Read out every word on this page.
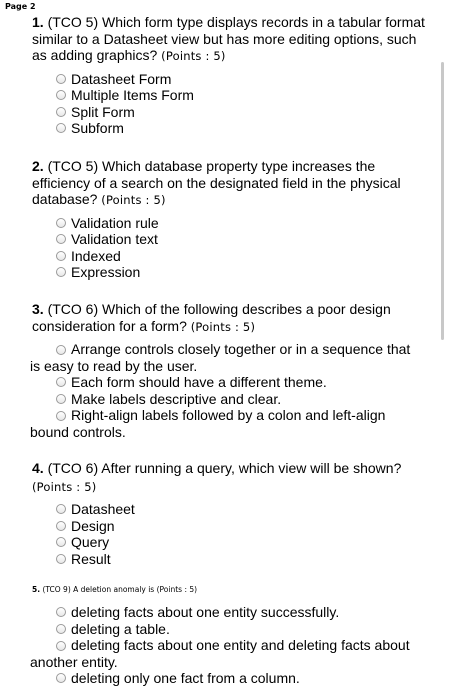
Page 2

1. (TCO 5) Which form type displays records in a tabular format similar to a Datasheet view but has more editing options, such as adding graphics? (Points : 5)

Datasheet Form
Multiple Items Form
Split Form
Subform

2. (TCO 5) Which database property type increases the efficiency of a search on the designated field in the physical database? (Points : 5)

Validation rule
Validation text
Indexed
Expression

3. (TCO 6) Which of the following describes a poor design consideration for a form? (Points : 5)

Arrange controls closely together or in a sequence that is easy to read by the user.
Each form should have a different theme.
Make labels descriptive and clear.
Right-align labels followed by a colon and left-align bound controls.

4. (TCO 6) After running a query, which view will be shown? (Points : 5)

Datasheet
Design
Query
Result

5. (TCO 9) A deletion anomaly is (Points : 5)

deleting facts about one entity successfully.
deleting a table.
deleting facts about one entity and deleting facts about another entity.
deleting only one fact from a column.
